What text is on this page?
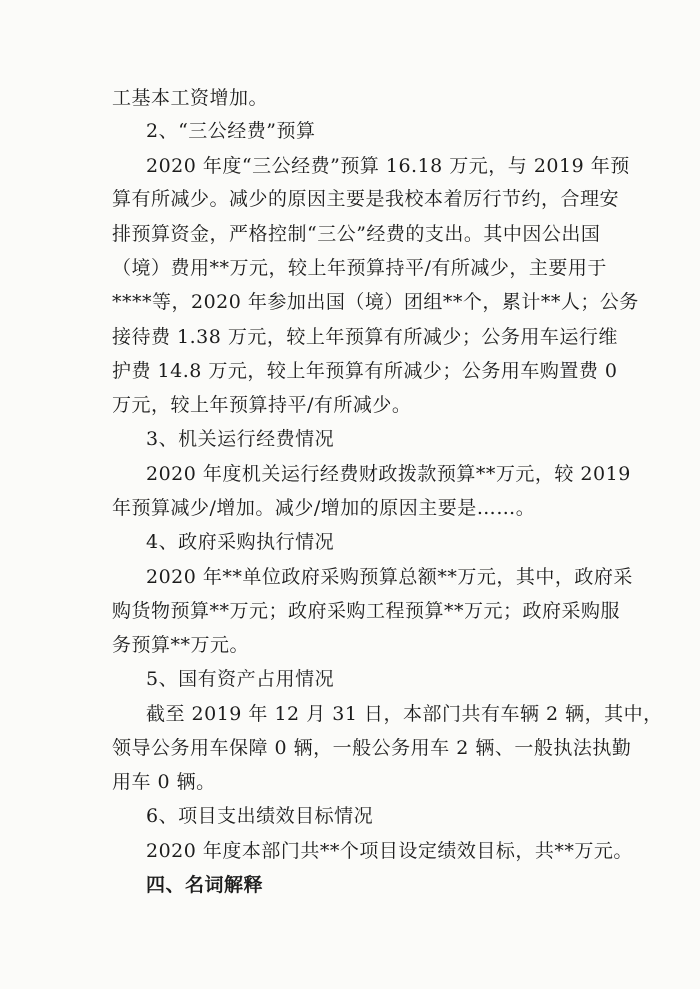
工基本工资增加。
2、“三公经费”预算
2020 年度“三公经费”预算 16.18 万元，与 2019 年预
算有所减少。减少的原因主要是我校本着厉行节约，合理安
排预算资金，严格控制“三公”经费的支出。其中因公出国
（境）费用**万元，较上年预算持平/有所减少，主要用于
****等，2020 年参加出国（境）团组**个，累计**人；公务
接待费 1.38 万元，较上年预算有所减少；公务用车运行维
护费 14.8 万元，较上年预算有所减少；公务用车购置费 0
万元，较上年预算持平/有所减少。
3、机关运行经费情况
2020 年度机关运行经费财政拨款预算**万元，较 2019
年预算减少/增加。减少/增加的原因主要是……。
4、政府采购执行情况
2020 年**单位政府采购预算总额**万元，其中，政府采
购货物预算**万元；政府采购工程预算**万元；政府采购服
务预算**万元。
5、国有资产占用情况
截至 2019 年 12 月 31 日，本部门共有车辆 2 辆，其中，
领导公务用车保障 0 辆，一般公务用车 2 辆、一般执法执勤
用车 0 辆。
6、项目支出绩效目标情况
2020 年度本部门共**个项目设定绩效目标，共**万元。
四、名词解释
